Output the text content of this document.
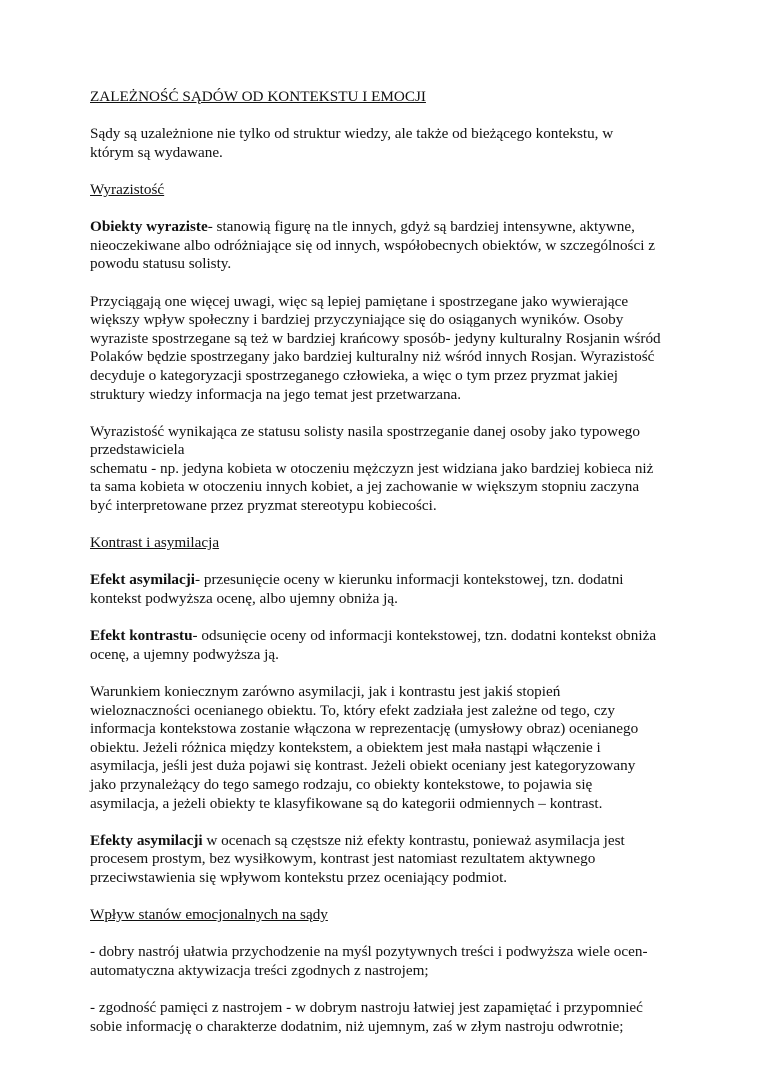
ZALEŻNOŚĆ SĄDÓW OD KONTEKSTU I EMOCJI

Sądy są uzależnione nie tylko od struktur wiedzy, ale także od bieżącego kontekstu, w
którym są wydawane.

Wyrazistość

Obiekty wyraziste- stanowią figurę na tle innych, gdyż są bardziej intensywne, aktywne,
nieoczekiwane albo odróżniające się od innych, współobecnych obiektów, w szczególności z
powodu statusu solisty.

Przyciągają one więcej uwagi, więc są lepiej pamiętane i spostrzegane jako wywierające
większy wpływ społeczny i bardziej przyczyniające się do osiąganych wyników. Osoby
wyraziste spostrzegane są też w bardziej krańcowy sposób- jedyny kulturalny Rosjanin wśród
Polaków będzie spostrzegany jako bardziej kulturalny niż wśród innych Rosjan. Wyrazistość
decyduje o kategoryzacji spostrzeganego człowieka, a więc o tym przez pryzmat jakiej
struktury wiedzy informacja na jego temat jest przetwarzana.

Wyrazistość wynikająca ze statusu solisty nasila spostrzeganie danej osoby jako typowego
przedstawiciela
schematu - np. jedyna kobieta w otoczeniu mężczyzn jest widziana jako bardziej kobieca niż
ta sama kobieta w otoczeniu innych kobiet, a jej zachowanie w większym stopniu zaczyna
być interpretowane przez pryzmat stereotypu kobiecości.

Kontrast i asymilacja

Efekt asymilacji- przesunięcie oceny w kierunku informacji kontekstowej, tzn. dodatni
kontekst podwyższa ocenę, albo ujemny obniża ją.

Efekt kontrastu- odsunięcie oceny od informacji kontekstowej, tzn. dodatni kontekst obniża
ocenę, a ujemny podwyższa ją.

Warunkiem koniecznym zarówno asymilacji, jak i kontrastu jest jakiś stopień
wieloznaczności ocenianego obiektu. To, który efekt zadziała jest zależne od tego, czy
informacja kontekstowa zostanie włączona w reprezentację (umysłowy obraz) ocenianego
obiektu. Jeżeli różnica między kontekstem, a obiektem jest mała nastąpi włączenie i
asymilacja, jeśli jest duża pojawi się kontrast. Jeżeli obiekt oceniany jest kategoryzowany
jako przynależący do tego samego rodzaju, co obiekty kontekstowe, to pojawia się
asymilacja, a jeżeli obiekty te klasyfikowane są do kategorii odmiennych – kontrast.

Efekty asymilacji w ocenach są częstsze niż efekty kontrastu, ponieważ asymilacja jest
procesem prostym, bez wysiłkowym, kontrast jest natomiast rezultatem aktywnego
przeciwstawienia się wpływom kontekstu przez oceniający podmiot.

Wpływ stanów emocjonalnych na sądy

- dobry nastrój ułatwia przychodzenie na myśl pozytywnych treści i podwyższa wiele ocen-
automatyczna aktywizacja treści zgodnych z nastrojem;

- zgodność pamięci z nastrojem - w dobrym nastroju łatwiej jest zapamiętać i przypomnieć
sobie informację o charakterze dodatnim, niż ujemnym, zaś w złym nastroju odwrotnie;
